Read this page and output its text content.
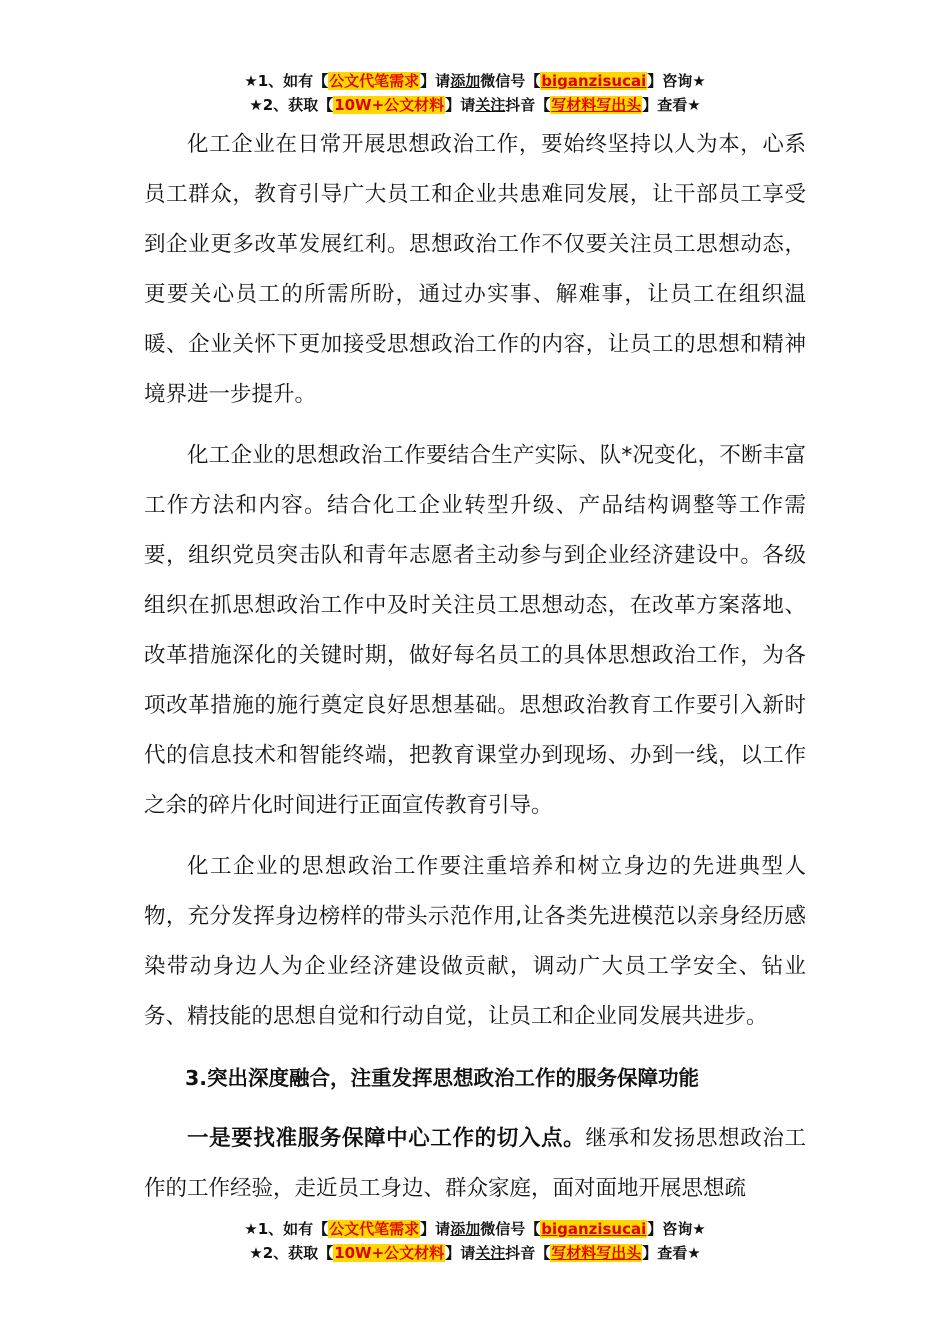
★1、如有【公文代笔需求】请添加微信号【biganzisucai】咨询★
★2、获取【10W+公文材料】请关注抖音【写材料写出头】查看★

化工企业在日常开展思想政治工作，要始终坚持以人为本，心系员工群众，教育引导广大员工和企业共患难同发展，让干部员工享受到企业更多改革发展红利。思想政治工作不仅要关注员工思想动态，更要关心员工的所需所盼，通过办实事、解难事，让员工在组织温暖、企业关怀下更加接受思想政治工作的内容，让员工的思想和精神境界进一步提升。

化工企业的思想政治工作要结合生产实际、队*况变化，不断丰富工作方法和内容。结合化工企业转型升级、产品结构调整等工作需要，组织党员突击队和青年志愿者主动参与到企业经济建设中。各级组织在抓思想政治工作中及时关注员工思想动态，在改革方案落地、改革措施深化的关键时期，做好每名员工的具体思想政治工作，为各项改革措施的施行奠定良好思想基础。思想政治教育工作要引入新时代的信息技术和智能终端，把教育课堂办到现场、办到一线，以工作之余的碎片化时间进行正面宣传教育引导。

化工企业的思想政治工作要注重培养和树立身边的先进典型人物，充分发挥身边榜样的带头示范作用,让各类先进模范以亲身经历感染带动身边人为企业经济建设做贡献，调动广大员工学安全、钻业务、精技能的思想自觉和行动自觉，让员工和企业同发展共进步。

3.突出深度融合，注重发挥思想政治工作的服务保障功能

一是要找准服务保障中心工作的切入点。继承和发扬思想政治工作的工作经验，走近员工身边、群众家庭，面对面地开展思想疏

★1、如有【公文代笔需求】请添加微信号【biganzisucai】咨询★
★2、获取【10W+公文材料】请关注抖音【写材料写出头】查看★
